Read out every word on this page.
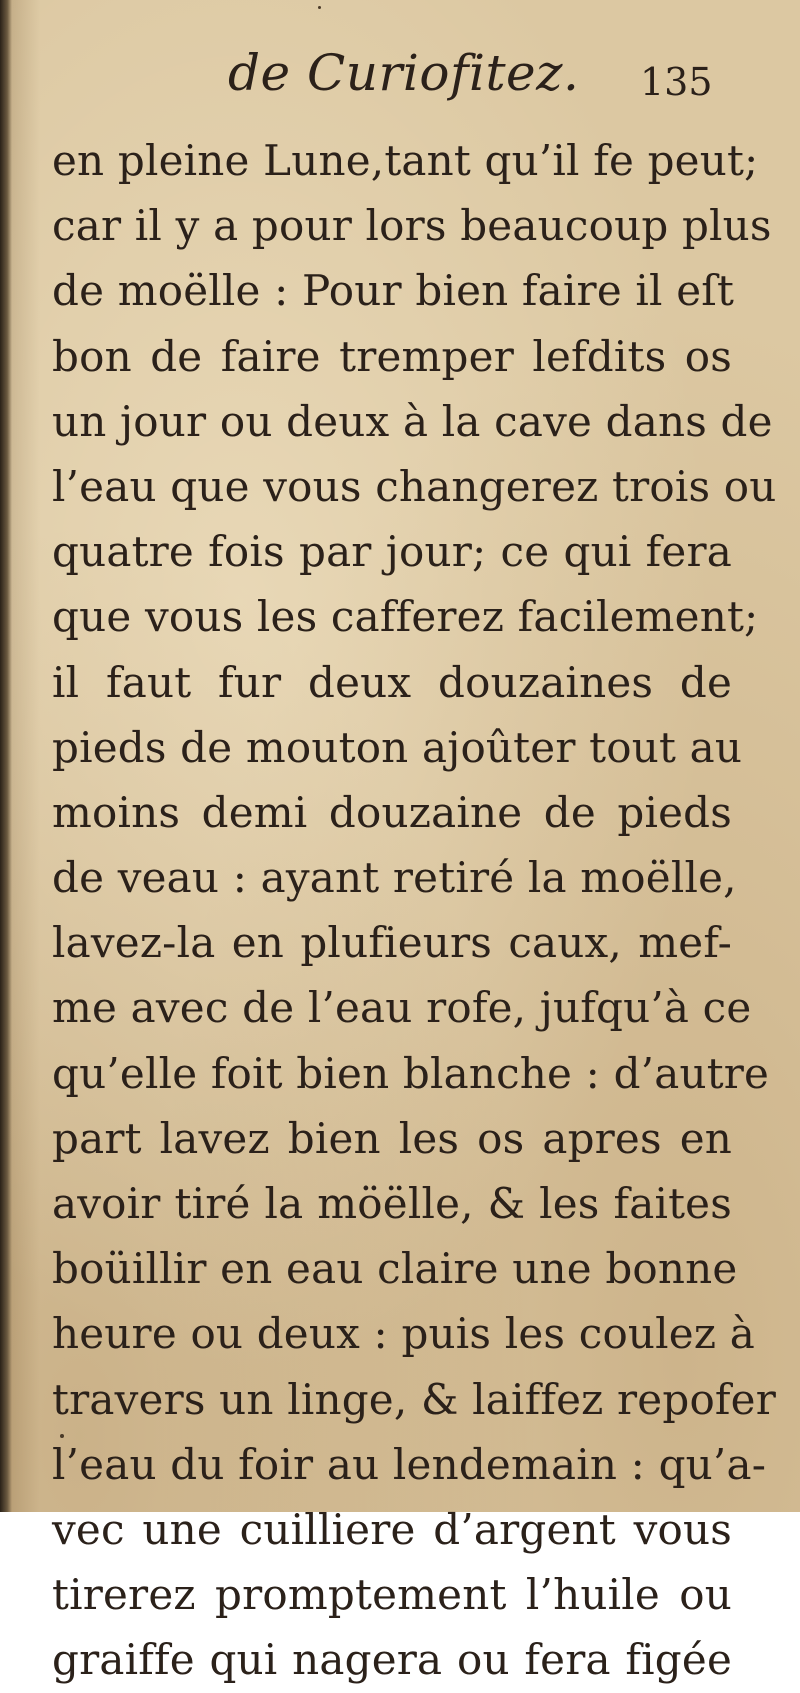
de Curiofitez. 135
en pleine Lune,tant qu’il fe peut;
car il y a pour lors beaucoup plus
de moëlle : Pour bien faire il eſt
bon de faire tremper lefdits os
un jour ou deux à la cave dans de
l’eau que vous changerez trois ou
quatre fois par jour; ce qui fera
que vous les cafferez facilement;
il faut fur deux douzaines de
pieds de mouton ajoûter tout au
moins demi douzaine de pieds
de veau : ayant retiré la moëlle,
lavez-la en plufieurs caux, mef-
me avec de l’eau rofe, jufqu’à ce
qu’elle foit bien blanche : d’autre
part lavez bien les os apres en
avoir tiré la möëlle, & les faites
boüillir en eau claire une bonne
heure ou deux : puis les coulez à
travers un linge, & laiffez repofer
l’eau du foir au lendemain : qu’a-
vec une cuilliere d’argent vous
tirerez promptement l’huile ou
graiffe qui nagera ou fera figée
